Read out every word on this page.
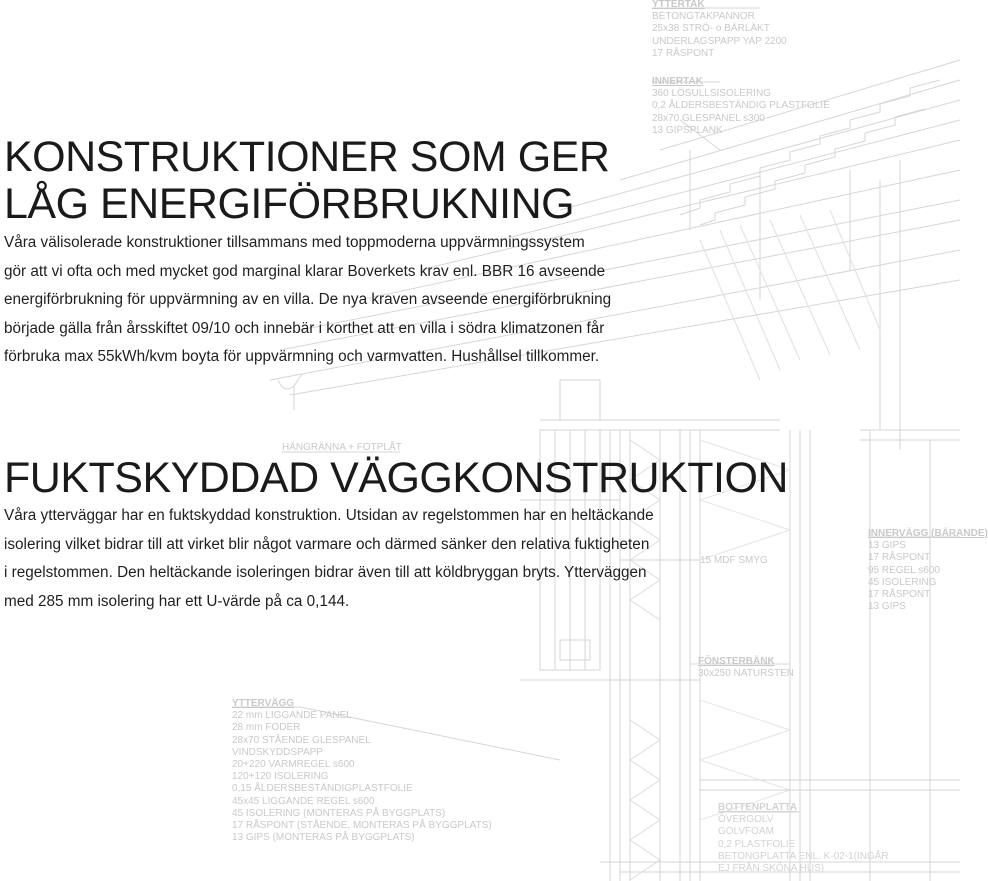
YTTERTAK
BETONGTAKPANNOR
25x38 STRÖ- o BÄRLÄKT
UNDERLAGSPAPP YAP 2200
17 RÅSPONT
INNERTAK
360 LÖSULLSISOLERING
0,2 ÅLDERSBESTÄNDIG PLASTFOLIE
28x70 GLESPANEL s300
13 GIPSPLANK
HÄNGRÄNNA + FOTPLÅT
15 MDF SMYG
INNERVÄGG (BÄRANDE)
13 GIPS
17 RÅSPONT
95 REGEL s600
45 ISOLERING
17 RÅSPONT
13 GIPS
FÖNSTERBÄNK
30x250 NATURSTEN
YTTERVÄGG
22 mm LIGGANDE PANEL
28 mm FODER
28x70 STÅENDE GLESPANEL
VINDSKYDDSPAPP
20+220 VARMREGEL s600
120+120 ISOLERING
0,15 ÅLDERSBESTÄNDIGPLASTFOLIE
45x45 LIGGANDE REGEL s600
45 ISOLERING (MONTERAS PÅ BYGGPLATS)
17 RÅSPONT (STÅENDE, MONTERAS PÅ BYGGPLATS)
13 GIPS (MONTERAS PÅ BYGGPLATS)
BOTTENPLATTA
ÖVERGOLV
GOLVFOAM
0,2 PLASTFOLIE
BETONGPLATTA ENL. K-02-1(INGÅR
EJ FRÅN SKÖNA HUS)
KONSTRUKTIONER SOM GER
LÅG ENERGIFÖRBRUKNING
Våra välisolerade konstruktioner tillsammans med toppmoderna uppvärmningssystem
gör att vi ofta och med mycket god marginal klarar Boverkets krav enl. BBR 16 avseende
energiförbrukning för uppvärmning av en villa. De nya kraven avseende energiförbrukning
började gälla från årsskiftet 09/10 och innebär i korthet att en villa i södra klimatzonen får
förbruka max 55kWh/kvm boyta för uppvärmning och varmvatten. Hushållsel tillkommer.
FUKTSKYDDAD VÄGGKONSTRUKTION
Våra ytterväggar har en fuktskyddad konstruktion. Utsidan av regelstommen har en heltäckande
isolering vilket bidrar till att virket blir något varmare och därmed sänker den relativa fuktigheten
i regelstommen. Den heltäckande isoleringen bidrar även till att köldbryggan bryts. Ytterväggen
med 285 mm isolering har ett U-värde på ca 0,144.
